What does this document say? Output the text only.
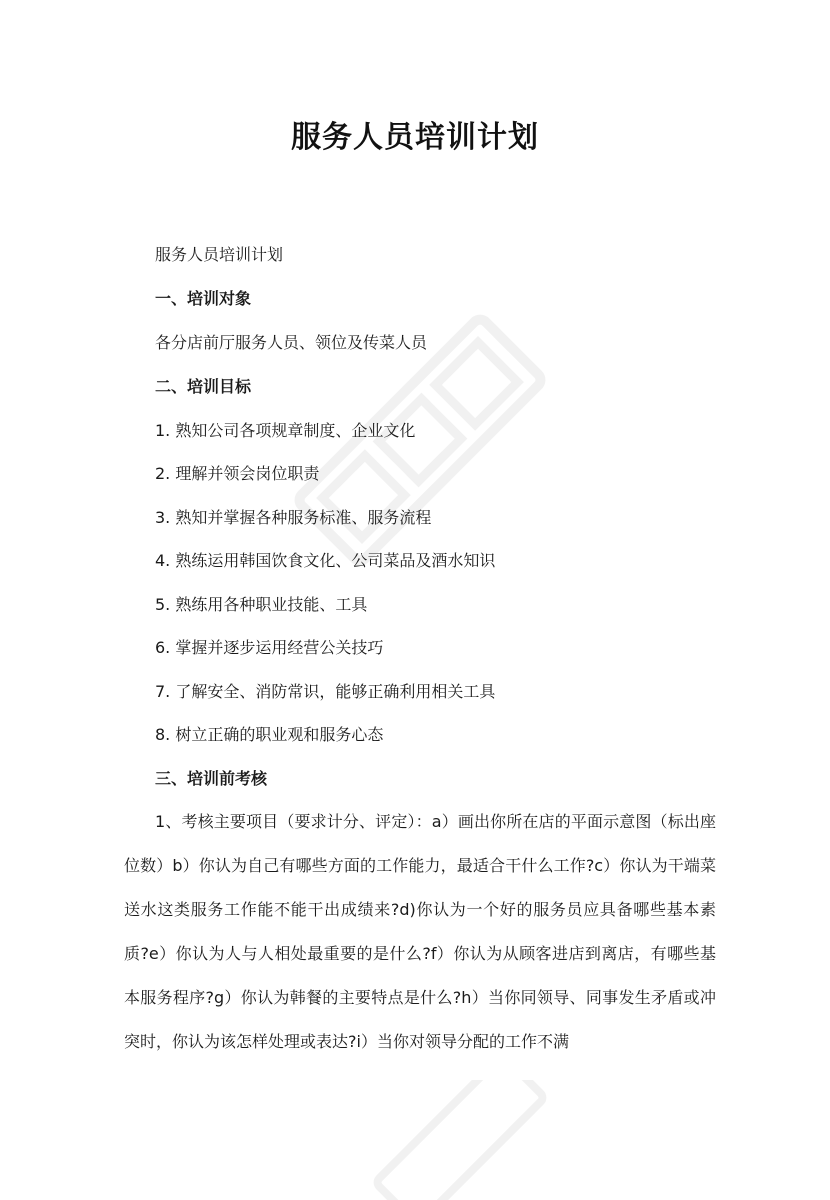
服务人员培训计划

服务人员培训计划

一、培训对象

各分店前厅服务人员、领位及传菜人员

二、培训目标

1. 熟知公司各项规章制度、企业文化

2. 理解并领会岗位职责

3. 熟知并掌握各种服务标准、服务流程

4. 熟练运用韩国饮食文化、公司菜品及酒水知识

5. 熟练用各种职业技能、工具

6. 掌握并逐步运用经营公关技巧

7. 了解安全、消防常识，能够正确利用相关工具

8. 树立正确的职业观和服务心态

三、培训前考核

1、考核主要项目（要求计分、评定）：a）画出你所在店的平面示意图（标出座位数）b）你认为自己有哪些方面的工作能力，最适合干什么工作?c）你认为干端菜送水这类服务工作能不能干出成绩来?d)你认为一个好的服务员应具备哪些基本素质?e）你认为人与人相处最重要的是什么?f）你认为从顾客进店到离店，有哪些基本服务程序?g）你认为韩餐的主要特点是什么?h）当你同领导、同事发生矛盾或冲突时，你认为该怎样处理或表达?i）当你对领导分配的工作不满
